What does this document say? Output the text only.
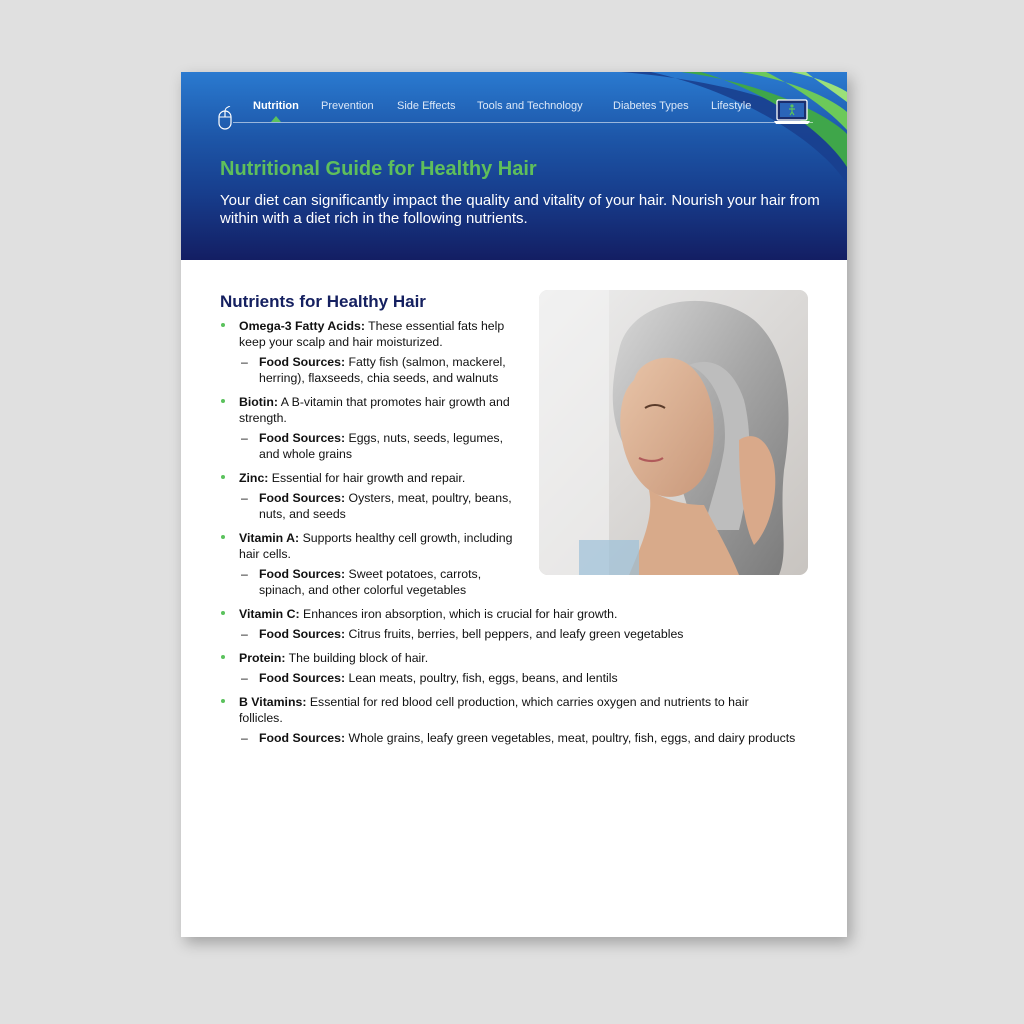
Nutrition Prevention Side Effects Tools and Technology	Diabetes Types Lifestyle
Nutritional Guide for Healthy Hair
Your diet can significantly impact the quality and vitality of your hair. Nourish your hair from within with a diet rich in the following nutrients.
Nutrients for Healthy Hair
Omega-3 Fatty Acids: These essential fats help keep your scalp and hair moisturized.
– Food Sources: Fatty fish (salmon, mackerel, herring), flaxseeds, chia seeds, and walnuts
Biotin: A B-vitamin that promotes hair growth and strength.
– Food Sources: Eggs, nuts, seeds, legumes, and whole grains
Zinc: Essential for hair growth and repair.
– Food Sources: Oysters, meat, poultry, beans, nuts, and seeds
Vitamin A: Supports healthy cell growth, including hair cells.
– Food Sources: Sweet potatoes, carrots, spinach, and other colorful vegetables
Vitamin C: Enhances iron absorption, which is crucial for hair growth.
– Food Sources: Citrus fruits, berries, bell peppers, and leafy green vegetables
Protein: The building block of hair.
– Food Sources: Lean meats, poultry, fish, eggs, beans, and lentils
B Vitamins: Essential for red blood cell production, which carries oxygen and nutrients to hair follicles.
– Food Sources: Whole grains, leafy green vegetables, meat, poultry, fish, eggs, and dairy products
